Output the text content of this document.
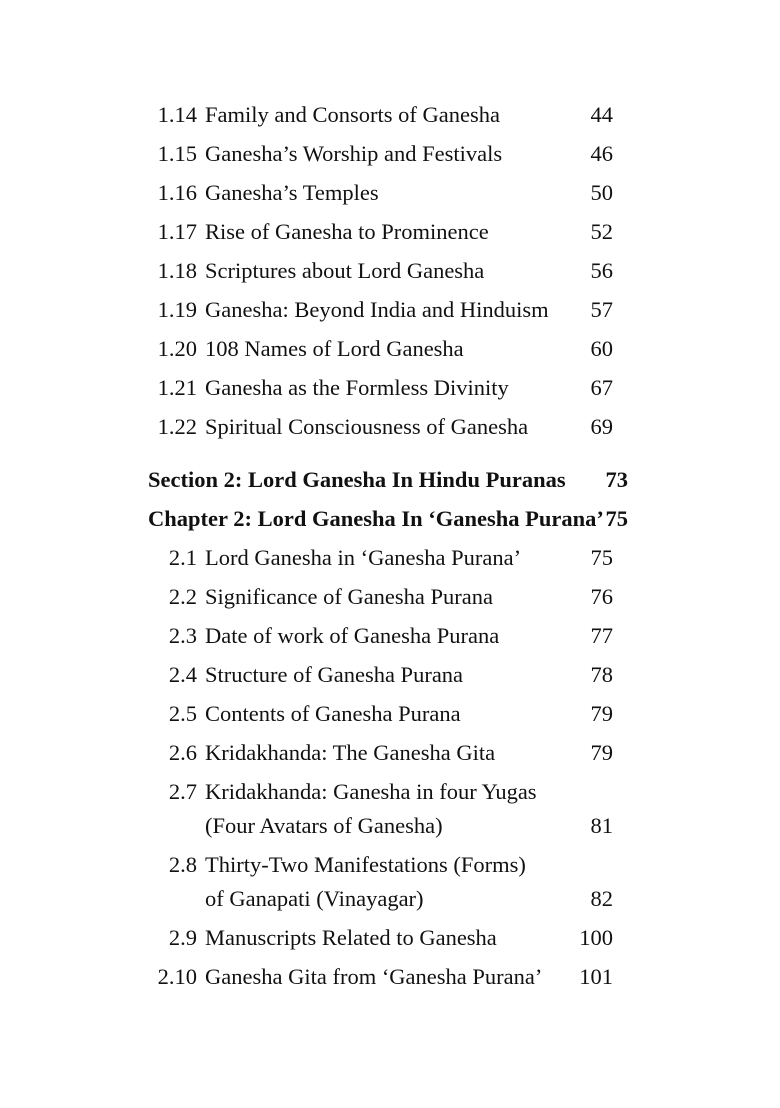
1.14 Family and Consorts of Ganesha	44
1.15 Ganesha’s Worship and Festivals	46
1.16 Ganesha’s Temples	50
1.17 Rise of Ganesha to Prominence	52
1.18 Scriptures about Lord Ganesha	56
1.19 Ganesha: Beyond India and Hinduism 57
1.20 108 Names of Lord Ganesha	60
1.21 Ganesha as the Formless Divinity	67
1.22 Spiritual Consciousness of Ganesha	69
Section 2: Lord Ganesha In Hindu Puranas 73
Chapter 2: Lord Ganesha In ‘Ganesha Purana’ 75
2.1 Lord Ganesha in ‘Ganesha Purana’	75
2.2 Significance of Ganesha Purana	76
2.3 Date of work of Ganesha Purana	77
2.4 Structure of Ganesha Purana	78
2.5 Contents of Ganesha Purana	79
2.6 Kridakhanda: The Ganesha Gita	79
2.7 Kridakhanda: Ganesha in four Yugas
(Four Avatars of Ganesha)	81
2.8 Thirty-Two Manifestations (Forms)
of Ganapati (Vinayagar)	82
2.9 Manuscripts Related to Ganesha	100
2.10 Ganesha Gita from ‘Ganesha Purana’ 101
